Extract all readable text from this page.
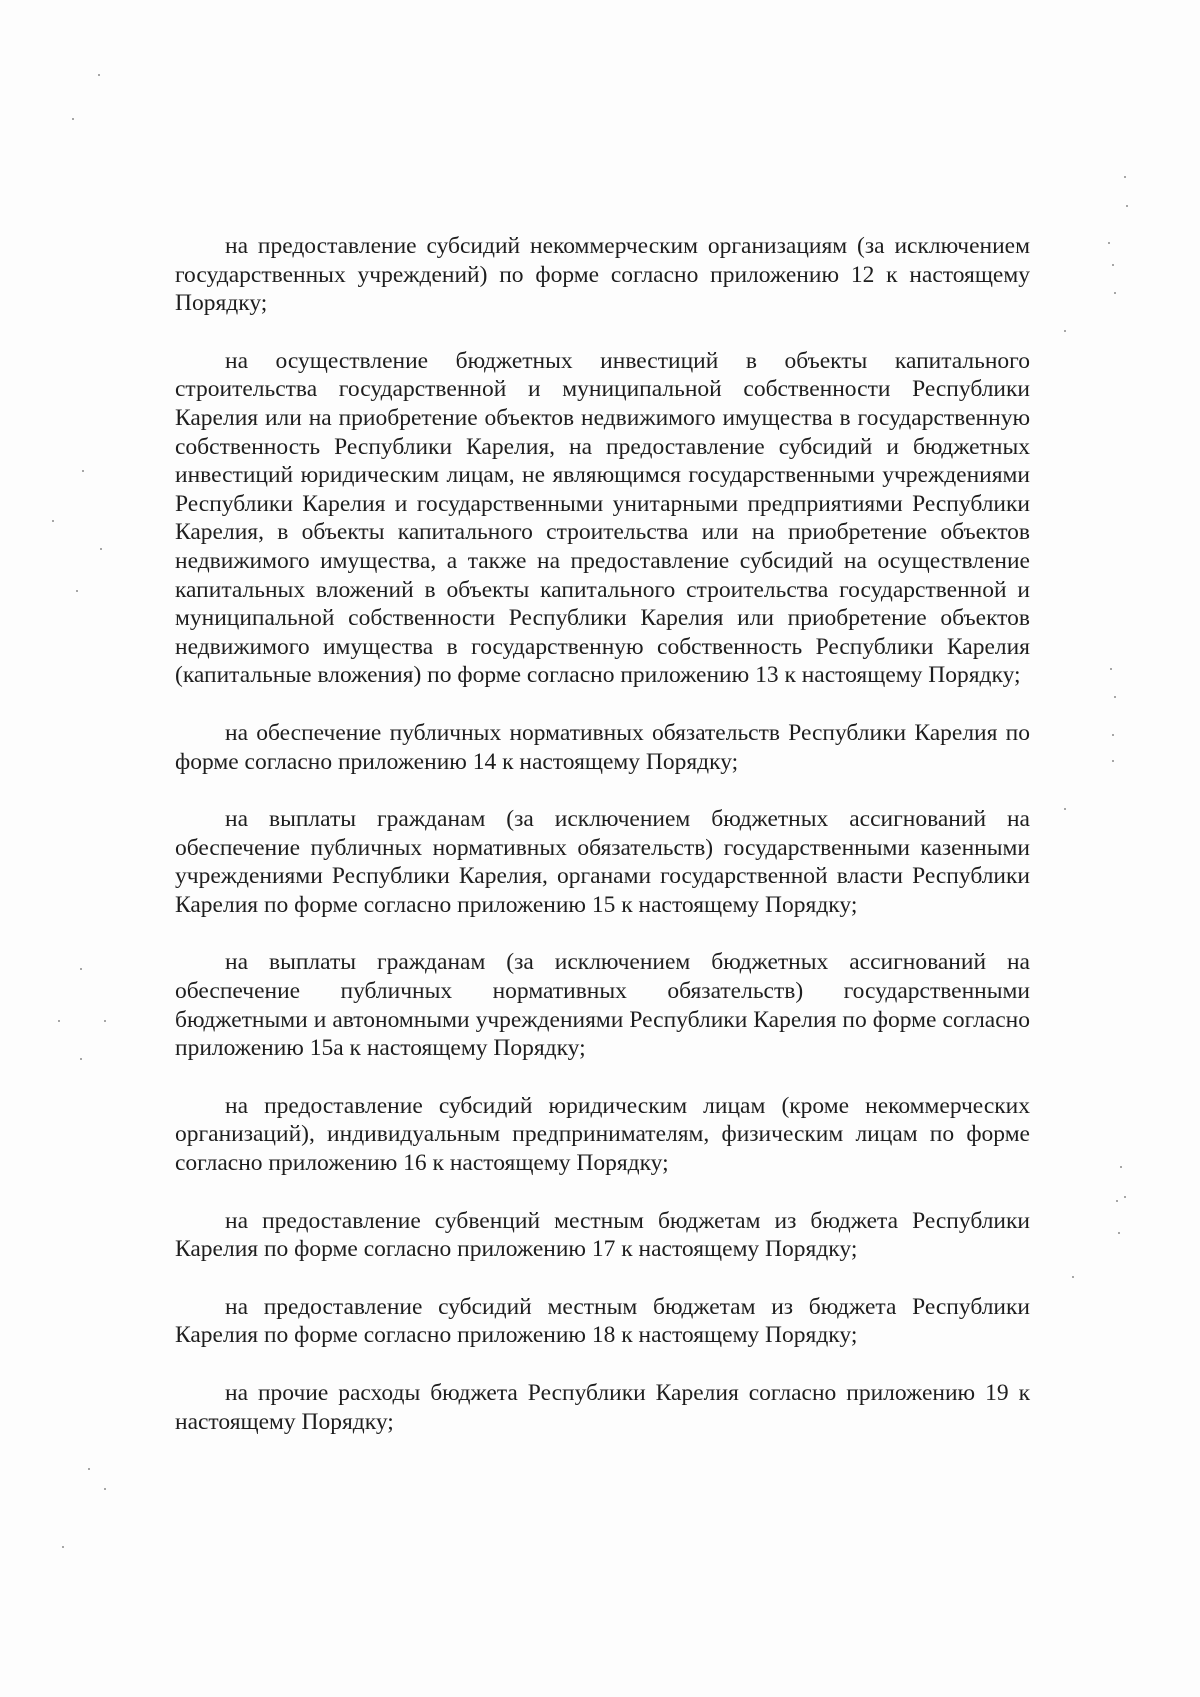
на предоставление субсидий некоммерческим организациям (за исключением государственных учреждений) по форме согласно приложению 12 к настоящему Порядку;

на осуществление бюджетных инвестиций в объекты капитального строительства государственной и муниципальной собственности Республики Карелия или на приобретение объектов недвижимого имущества в государственную собственность Республики Карелия, на предоставление субсидий и бюджетных инвестиций юридическим лицам, не являющимся государственными учреждениями Республики Карелия и государственными унитарными предприятиями Республики Карелия, в объекты капитального строительства или на приобретение объектов недвижимого имущества, а также на предоставление субсидий на осуществление капитальных вложений в объекты капитального строительства государственной и муниципальной собственности Республики Карелия или приобретение объектов недвижимого имущества в государственную собственность Республики Карелия (капитальные вложения) по форме согласно приложению 13 к настоящему Порядку;

на обеспечение публичных нормативных обязательств Республики Карелия по форме согласно приложению 14 к настоящему Порядку;

на выплаты гражданам (за исключением бюджетных ассигнований на обеспечение публичных нормативных обязательств) государственными казенными учреждениями Республики Карелия, органами государственной власти Республики Карелия по форме согласно приложению 15 к настоящему Порядку;

на выплаты гражданам (за исключением бюджетных ассигнований на обеспечение публичных нормативных обязательств) государственными бюджетными и автономными учреждениями Республики Карелия по форме согласно приложению 15а к настоящему Порядку;

на предоставление субсидий юридическим лицам (кроме некоммерческих организаций), индивидуальным предпринимателям, физическим лицам по форме согласно приложению 16 к настоящему Порядку;

на предоставление субвенций местным бюджетам из бюджета Республики Карелия по форме согласно приложению 17 к настоящему Порядку;

на предоставление субсидий местным бюджетам из бюджета Республики Карелия по форме согласно приложению 18 к настоящему Порядку;

на прочие расходы бюджета Республики Карелия согласно приложению 19 к настоящему Порядку;
